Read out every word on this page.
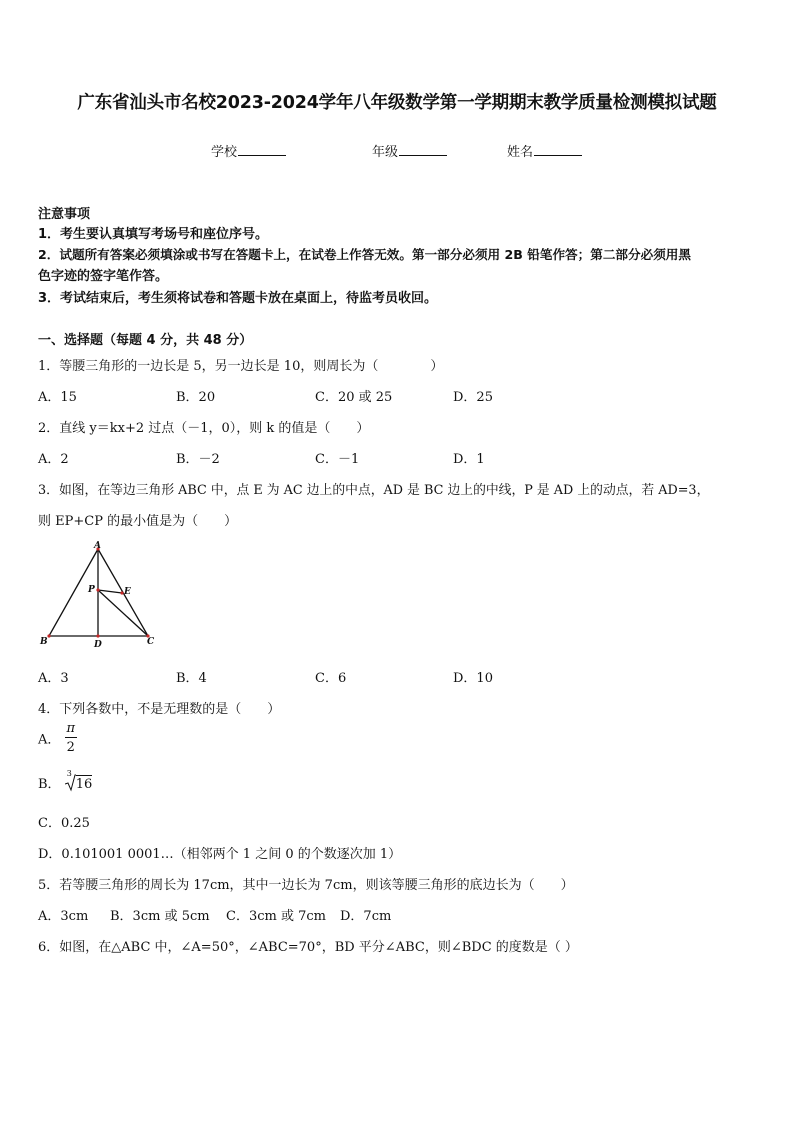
广东省汕头市名校2023-2024学年八年级数学第一学期期末教学质量检测模拟试题
学校	年级	姓名
注意事项
1．考生要认真填写考场号和座位序号。
2．试题所有答案必须填涂或书写在答题卡上，在试卷上作答无效。第一部分必须用 2B 铅笔作答；第二部分必须用黑
色字迹的签字笔作答。
3．考试结束后，考生须将试卷和答题卡放在桌面上，待监考员收回。
一、选择题（每题 4 分，共 48 分）
1．等腰三角形的一边长是 5，另一边长是 10，则周长为（　　　　）
A．15	B．20	C．20 或 25	D．25
2．直线 y＝kx+2 过点（－1，0），则 k 的值是（　　）
A．2	B．－2	C．－1	D．1
3．如图，在等边三角形 ABC 中，点 E 为 AC 边上的中点，AD 是 BC 边上的中线，P 是 AD 上的动点，若 AD=3，
则 EP+CP 的最小值是为（　　）
A
B	C
D
E
P
A．3	B．4	C．6	D．10
4．下列各数中，不是无理数的是（　　）
A． $\frac{\pi}{2}$
B．
3
16
C．0.25
D．0.101001 0001…（相邻两个 1 之间 0 的个数逐次加 1）
5．若等腰三角形的周长为 17cm，其中一边长为 7cm，则该等腰三角形的底边长为（　　）
A．3cm B．3cm 或 5cm C．3cm 或 7cm D．7cm
6．如图，在△ABC 中，∠A=50°，∠ABC=70°，BD 平分∠ABC，则∠BDC 的度数是（ ）
